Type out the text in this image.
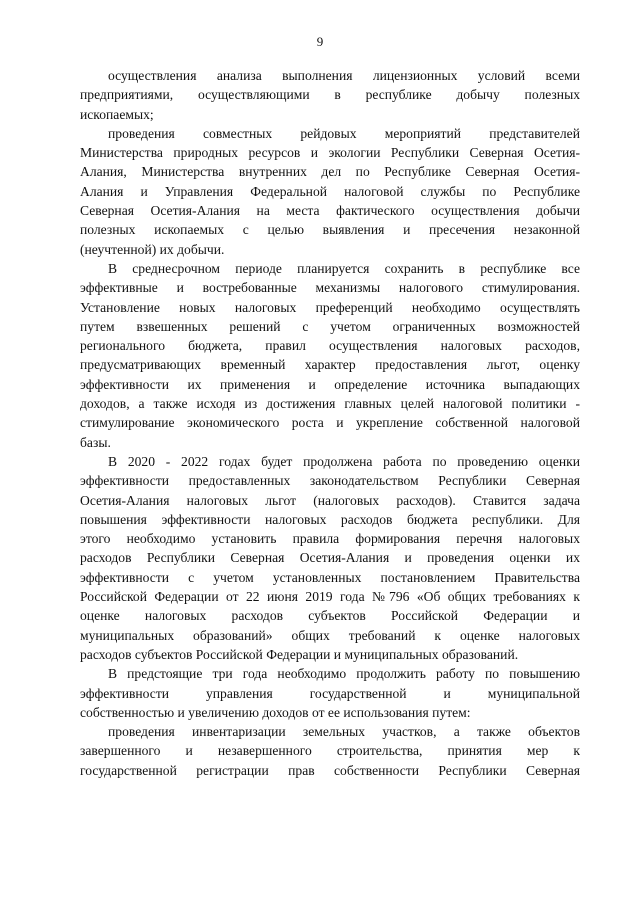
9

осуществления анализа выполнения лицензионных условий всеми
предприятиями, осуществляющими в республике добычу полезных
ископаемых;

проведения совместных рейдовых мероприятий представителей
Министерства природных ресурсов и экологии Республики Северная Осетия-
Алания, Министерства внутренних дел по Республике Северная Осетия-
Алания и Управления Федеральной налоговой службы по Республике
Северная Осетия-Алания на места фактического осуществления добычи
полезных ископаемых с целью выявления и пресечения незаконной
(неучтенной) их добычи.

В среднесрочном периоде планируется сохранить в республике все
эффективные и востребованные механизмы налогового стимулирования.
Установление новых налоговых преференций необходимо осуществлять
путем взвешенных решений с учетом ограниченных возможностей
регионального бюджета, правил осуществления налоговых расходов,
предусматривающих временный характер предоставления льгот, оценку
эффективности их применения и определение источника выпадающих
доходов, а также исходя из достижения главных целей налоговой политики -
стимулирование экономического роста и укрепление собственной налоговой
базы.

В 2020 - 2022 годах будет продолжена работа по проведению оценки
эффективности предоставленных законодательством Республики Северная
Осетия-Алания налоговых льгот (налоговых расходов). Ставится задача
повышения эффективности налоговых расходов бюджета республики. Для
этого необходимо установить правила формирования перечня налоговых
расходов Республики Северная Осетия-Алания и проведения оценки их
эффективности с учетом установленных постановлением Правительства
Российской Федерации от 22 июня 2019 года №796 «Об общих требованиях к
оценке налоговых расходов субъектов Российской Федерации и
муниципальных образований» общих требований к оценке налоговых
расходов субъектов Российской Федерации и муниципальных образований.

В предстоящие три года необходимо продолжить работу по повышению
эффективности управления государственной и муниципальной
собственностью и увеличению доходов от ее использования путем:

проведения инвентаризации земельных участков, а также объектов
завершенного и незавершенного строительства, принятия мер к
государственной регистрации прав собственности Республики Северная
